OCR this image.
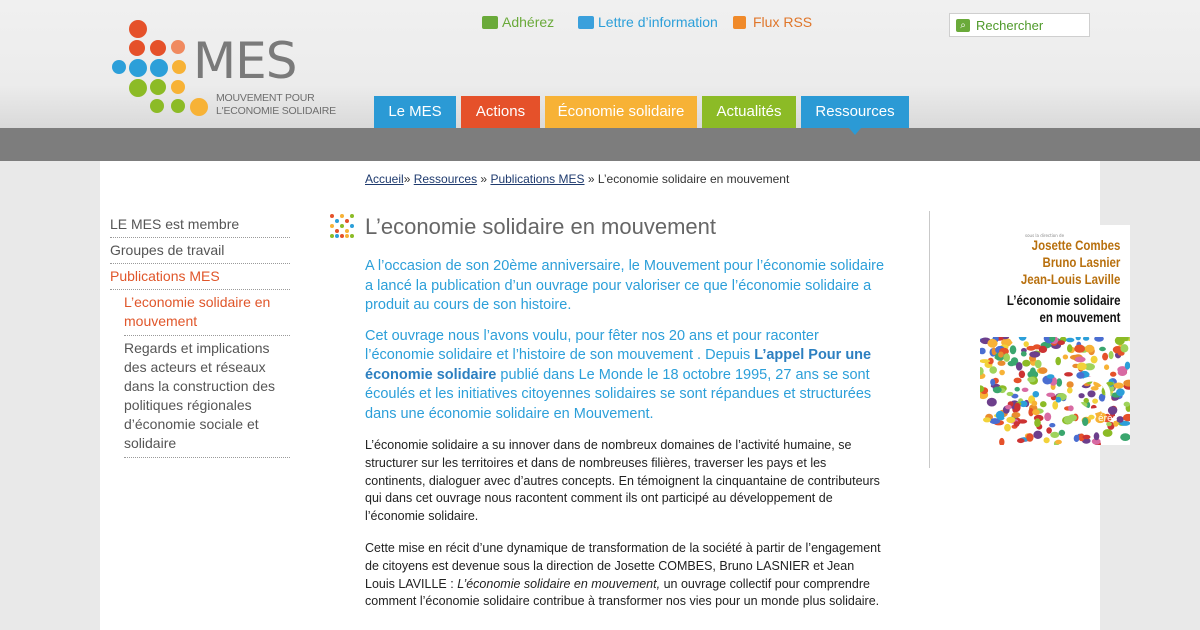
MES
MOUVEMENT POUR
L'ECONOMIE SOLIDAIRE
Adhérez	Lettre d’information	Flux RSS	⌕
Rechercher
Le MES	Actions	Économie solidaire	Actualités	Ressources
Accueil» Ressources » Publications MES » L’economie solidaire en mouvement
LE MES est membre
Groupes de travail
Publications MES
L’economie solidaire en mouvement
Regards et implications des acteurs et réseaux dans la construction des politiques régionales d’économie sociale et solidaire
L’economie solidaire en mouvement

A l’occasion de son 20ème anniversaire, le Mouvement pour l’économie solidaire a lancé la publication d’un ouvrage pour valoriser ce que l’économie solidaire a produit au cours de son histoire.

Cet ouvrage nous l’avons voulu, pour fêter nos 20 ans et pour raconter l’économie solidaire et l’histoire de son mouvement . Depuis L’appel Pour une économie solidaire publié dans Le Monde le 18 octobre 1995, 27 ans se sont écoulés et les initiatives citoyennes solidaires se sont répandues et structurées dans une économie solidaire en Mouvement.

L’économie solidaire a su innover dans de nombreux domaines de l’activité humaine, se structurer sur les territoires et dans de nombreuses filières, traverser les pays et les continents, dialoguer avec d’autres concepts. En témoignent la cinquantaine de contributeurs qui dans cet ouvrage nous racontent comment ils ont participé au développement de l’économie solidaire.

Cette mise en récit d’une dynamique de transformation de la société à partir de l’engagement de citoyens est devenue sous la direction de Josette COMBES, Bruno LASNIER et Jean Louis LAVILLE : L’économie solidaire en mouvement, un ouvrage collectif pour comprendre comment l’économie solidaire contribue à transformer nos vies pour un monde plus solidaire.

sous la direction de
Josette Combes
Bruno Lasnier
Jean-Louis Laville
L’économie solidaire
en mouvement
érès
